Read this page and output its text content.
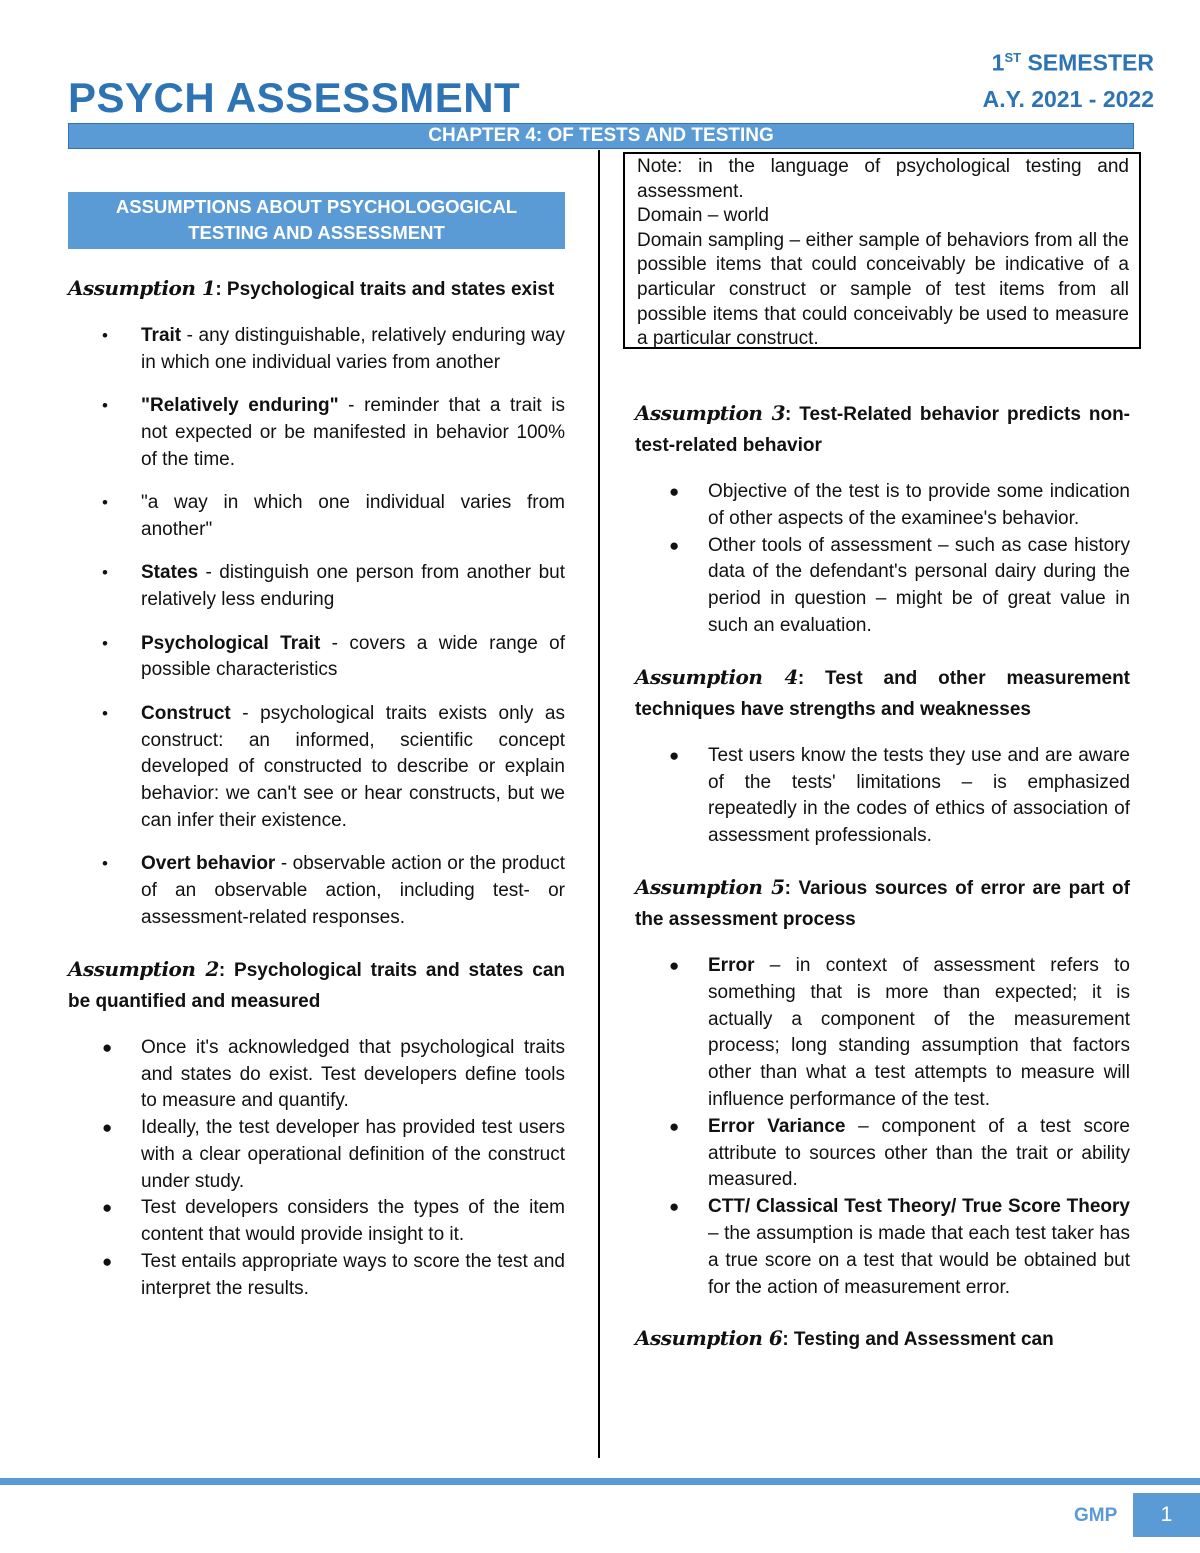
PSYCH ASSESSMENT
1ST SEMESTER
A.Y. 2021 - 2022
CHAPTER 4: OF TESTS AND TESTING

Note: in the language of psychological testing and assessment.

Domain – world

Domain sampling – either sample of behaviors from all the possible items that could conceivably be indicative of a particular construct or sample of test items from all possible items that could conceivably be used to measure a particular construct.

ASSUMPTIONS ABOUT PSYCHOLOGOGICAL TESTING AND ASSESSMENT

Assumption 1: Psychological traits and states exist

• Trait - any distinguishable, relatively enduring way in which one individual varies from another
• "Relatively enduring" - reminder that a trait is not expected or be manifested in behavior 100% of the time.
• "a way in which one individual varies from another"
• States - distinguish one person from another but relatively less enduring
• Psychological Trait - covers a wide range of possible characteristics
• Construct - psychological traits exists only as construct: an informed, scientific concept developed of constructed to describe or explain behavior: we can't see or hear constructs, but we can infer their existence.
• Overt behavior - observable action or the product of an observable action, including test- or assessment-related responses.

Assumption 2: Psychological traits and states can be quantified and measured

● Once it's acknowledged that psychological traits and states do exist. Test developers define tools to measure and quantify.
● Ideally, the test developer has provided test users with a clear operational definition of the construct under study.
● Test developers considers the types of the item content that would provide insight to it.
● Test entails appropriate ways to score the test and interpret the results.

Assumption 3: Test-Related behavior predicts non-test-related behavior

● Objective of the test is to provide some indication of other aspects of the examinee's behavior.
● Other tools of assessment – such as case history data of the defendant's personal dairy during the period in question – might be of great value in such an evaluation.

Assumption 4: Test and other measurement techniques have strengths and weaknesses

● Test users know the tests they use and are aware of the tests' limitations – is emphasized repeatedly in the codes of ethics of association of assessment professionals.

Assumption 5: Various sources of error are part of the assessment process

● Error – in context of assessment refers to something that is more than expected; it is actually a component of the measurement process; long standing assumption that factors other than what a test attempts to measure will influence performance of the test.
● Error Variance – component of a test score attribute to sources other than the trait or ability measured.
● CTT/ Classical Test Theory/ True Score Theory – the assumption is made that each test taker has a true score on a test that would be obtained but for the action of measurement error.

Assumption 6: Testing and Assessment can

GMP	1
